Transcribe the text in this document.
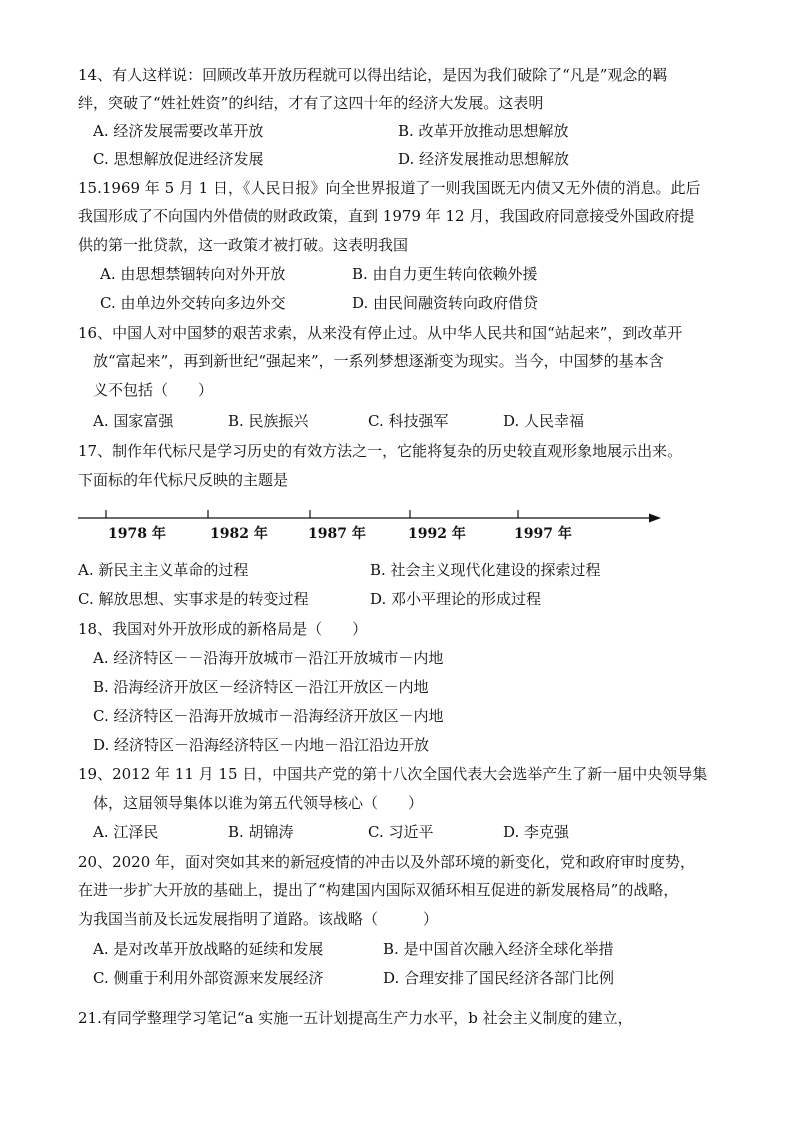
14、有人这样说：回顾改革开放历程就可以得出结论，是因为我们破除了“凡是”观念的羁
绊，突破了“姓社姓资”的纠结，才有了这四十年的经济大发展。这表明
A. 经济发展需要改革开放	B. 改革开放推动思想解放
C. 思想解放促进经济发展	D. 经济发展推动思想解放
15.1969 年 5 月 1 日，《人民日报》向全世界报道了一则我国既无内债又无外债的消息。此后
我国形成了不向国内外借债的财政政策，直到 1979 年 12 月，我国政府同意接受外国政府提
供的第一批贷款，这一政策才被打破。这表明我国
A. 由思想禁锢转向对外开放	B. 由自力更生转向依赖外援
C. 由单边外交转向多边外交	D. 由民间融资转向政府借贷
16、中国人对中国梦的艰苦求索，从来没有停止过。从中华人民共和国“站起来”，到改革开
放“富起来”，再到新世纪“强起来”，一系列梦想逐渐变为现实。当今，中国梦的基本含
义不包括（　　）
A. 国家富强	B. 民族振兴	C. 科技强军	D. 人民幸福
17、制作年代标尺是学习历史的有效方法之一，它能将复杂的历史较直观形象地展示出来。
下面标的年代标尺反映的主题是
1978 年	1982 年	1987 年	1992 年	1997 年
A. 新民主主义革命的过程	B. 社会主义现代化建设的探索过程
C. 解放思想、实事求是的转变过程	D. 邓小平理论的形成过程
18、我国对外开放形成的新格局是（　　）
A. 经济特区－－沿海开放城市－沿江开放城市－内地
B. 沿海经济开放区－经济特区－沿江开放区－内地
C. 经济特区－沿海开放城市－沿海经济开放区－内地
D. 经济特区－沿海经济特区－内地－沿江沿边开放
19、2012 年 11 月 15 日，中国共产党的第十八次全国代表大会选举产生了新一届中央领导集
体，这届领导集体以谁为第五代领导核心（　　）
A. 江泽民	B. 胡锦涛	C. 习近平	D. 李克强
20、2020 年，面对突如其来的新冠疫情的冲击以及外部环境的新变化，党和政府审时度势，
在进一步扩大开放的基础上，提出了“构建国内国际双循环相互促进的新发展格局”的战略，
为我国当前及长远发展指明了道路。该战略（　　　）
A. 是对改革开放战略的延续和发展	B. 是中国首次融入经济全球化举措
C. 侧重于利用外部资源来发展经济	D. 合理安排了国民经济各部门比例
21.有同学整理学习笔记“a 实施一五计划提高生产力水平，b 社会主义制度的建立，
